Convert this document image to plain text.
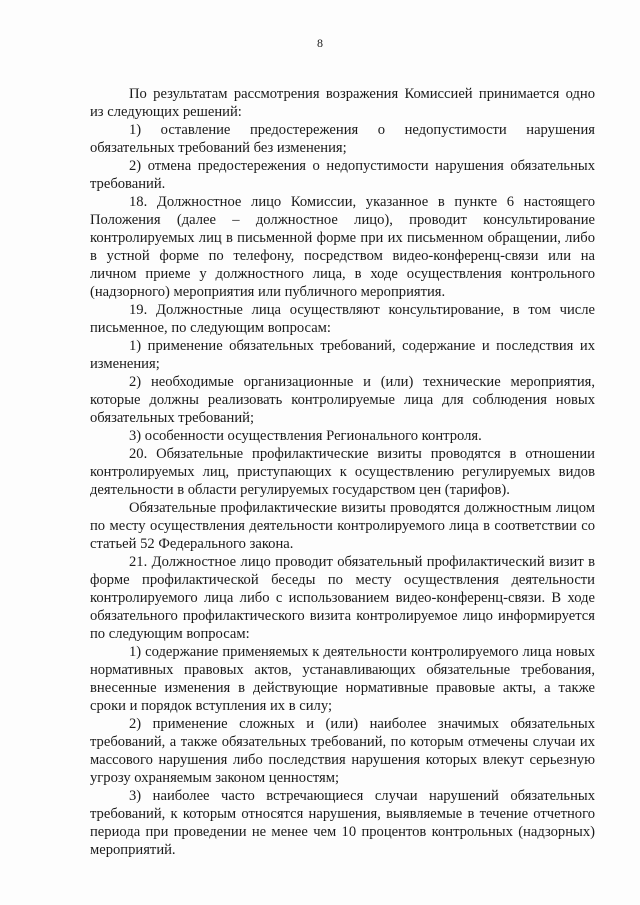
8

По результатам рассмотрения возражения Комиссией принимается одно из следующих решений:

1) оставление предостережения о недопустимости нарушения обязательных требований без изменения;

2) отмена предостережения о недопустимости нарушения обязательных требований.

18. Должностное лицо Комиссии, указанное в пункте 6 настоящего Положения (далее – должностное лицо), проводит консультирование контролируемых лиц в письменной форме при их письменном обращении, либо в устной форме по телефону, посредством видео-конференц-связи или на личном приеме у должностного лица, в ходе осуществления контрольного (надзорного) мероприятия или публичного мероприятия.

19. Должностные лица осуществляют консультирование, в том числе письменное, по следующим вопросам:

1) применение обязательных требований, содержание и последствия их изменения;

2) необходимые организационные и (или) технические мероприятия, которые должны реализовать контролируемые лица для соблюдения новых обязательных требований;

3) особенности осуществления Регионального контроля.

20. Обязательные профилактические визиты проводятся в отношении контролируемых лиц, приступающих к осуществлению регулируемых видов деятельности в области регулируемых государством цен (тарифов).

Обязательные профилактические визиты проводятся должностным лицом по месту осуществления деятельности контролируемого лица в соответствии со статьей 52 Федерального закона.

21. Должностное лицо проводит обязательный профилактический визит в форме профилактической беседы по месту осуществления деятельности контролируемого лица либо с использованием видео-конференц-связи. В ходе обязательного профилактического визита контролируемое лицо информируется по следующим вопросам:

1) содержание применяемых к деятельности контролируемого лица новых нормативных правовых актов, устанавливающих обязательные требования, внесенные изменения в действующие нормативные правовые акты, а также сроки и порядок вступления их в силу;

2) применение сложных и (или) наиболее значимых обязательных требований, а также обязательных требований, по которым отмечены случаи их массового нарушения либо последствия нарушения которых влекут серьезную угрозу охраняемым законом ценностям;

3) наиболее часто встречающиеся случаи нарушений обязательных требований, к которым относятся нарушения, выявляемые в течение отчетного периода при проведении не менее чем 10 процентов контрольных (надзорных) мероприятий.
